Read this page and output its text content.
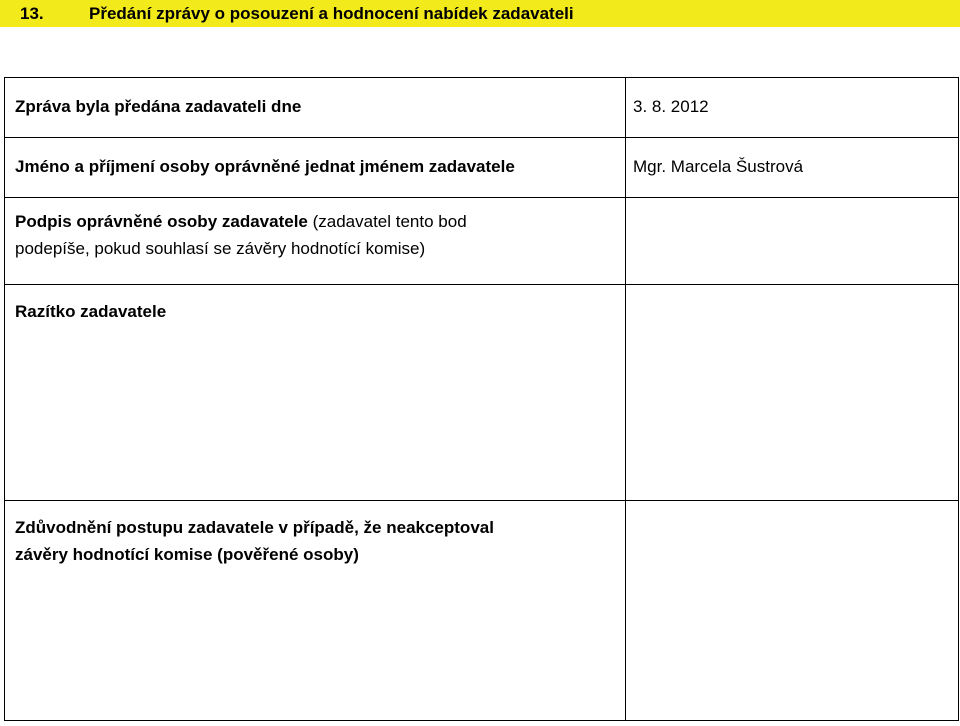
13.	Předání zprávy o posouzení a hodnocení nabídek zadavateli
Zpráva byla předána zadavateli dne	3. 8. 2012

Jméno a příjmení osoby oprávněné jednat jménem zadavatele	Mgr. Marcela Šustrová

Podpis oprávněné osoby zadavatele (zadavatel tento bod
podepíše, pokud souhlasí se závěry hodnotící komise)	

Razítko zadavatele	

Zdůvodnění postupu zadavatele v případě, že neakceptoval
závěry hodnotící komise (pověřené osoby)	
